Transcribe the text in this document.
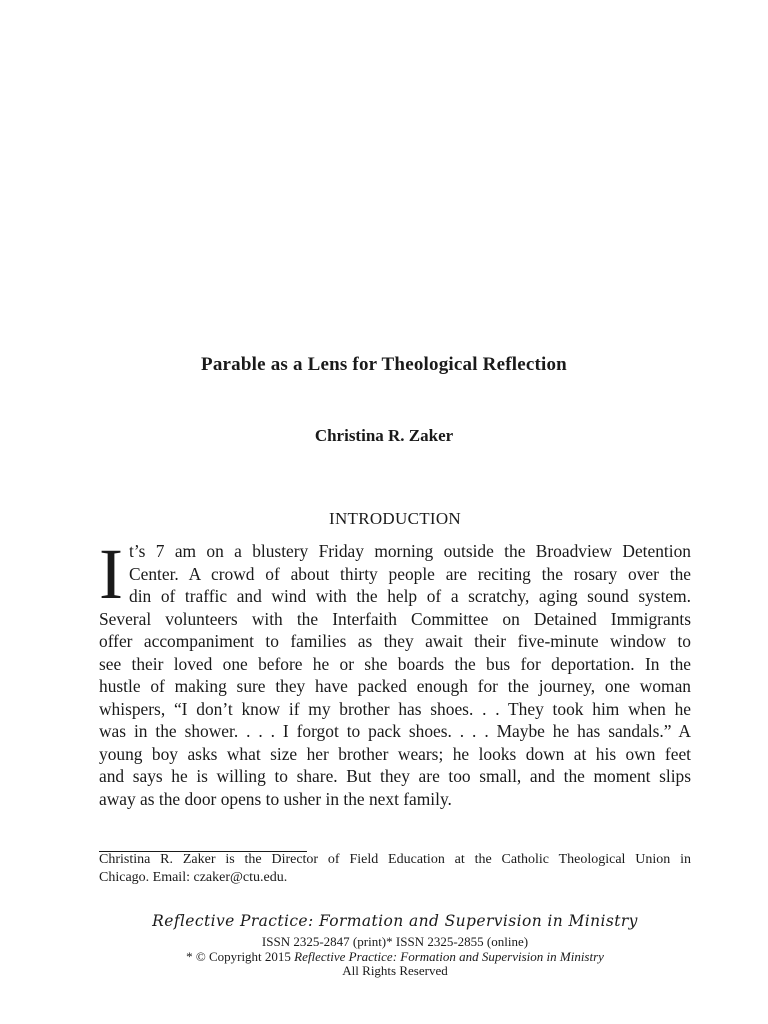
Parable as a Lens for Theological Reflection
Christina R. Zaker
INTRODUCTION
I t’s 7 am on a blustery Friday morning outside the Broadview Detention
Center. A crowd of about thirty people are reciting the rosary over the
din of traffic and wind with the help of a scratchy, aging sound system.
Several volunteers with the Interfaith Committee on Detained Immigrants
offer accompaniment to families as they await their five-minute window to
see their loved one before he or she boards the bus for deportation. In the
hustle of making sure they have packed enough for the journey, one woman
whispers, “I don’t know if my brother has shoes. . . They took him when he
was in the shower. . . . I forgot to pack shoes. . . . Maybe he has sandals.” A
young boy asks what size her brother wears; he looks down at his own feet
and says he is willing to share. But they are too small, and the moment slips
away as the door opens to usher in the next family.
Christina R. Zaker is the Director of Field Education at the Catholic Theological Union in
Chicago. Email: czaker@ctu.edu.
Reflective Practice: Formation and Supervision in Ministry
ISSN 2325-2847 (print)* ISSN 2325-2855 (online)
* © Copyright 2015 Reflective Practice: Formation and Supervision in Ministry
All Rights Reserved
